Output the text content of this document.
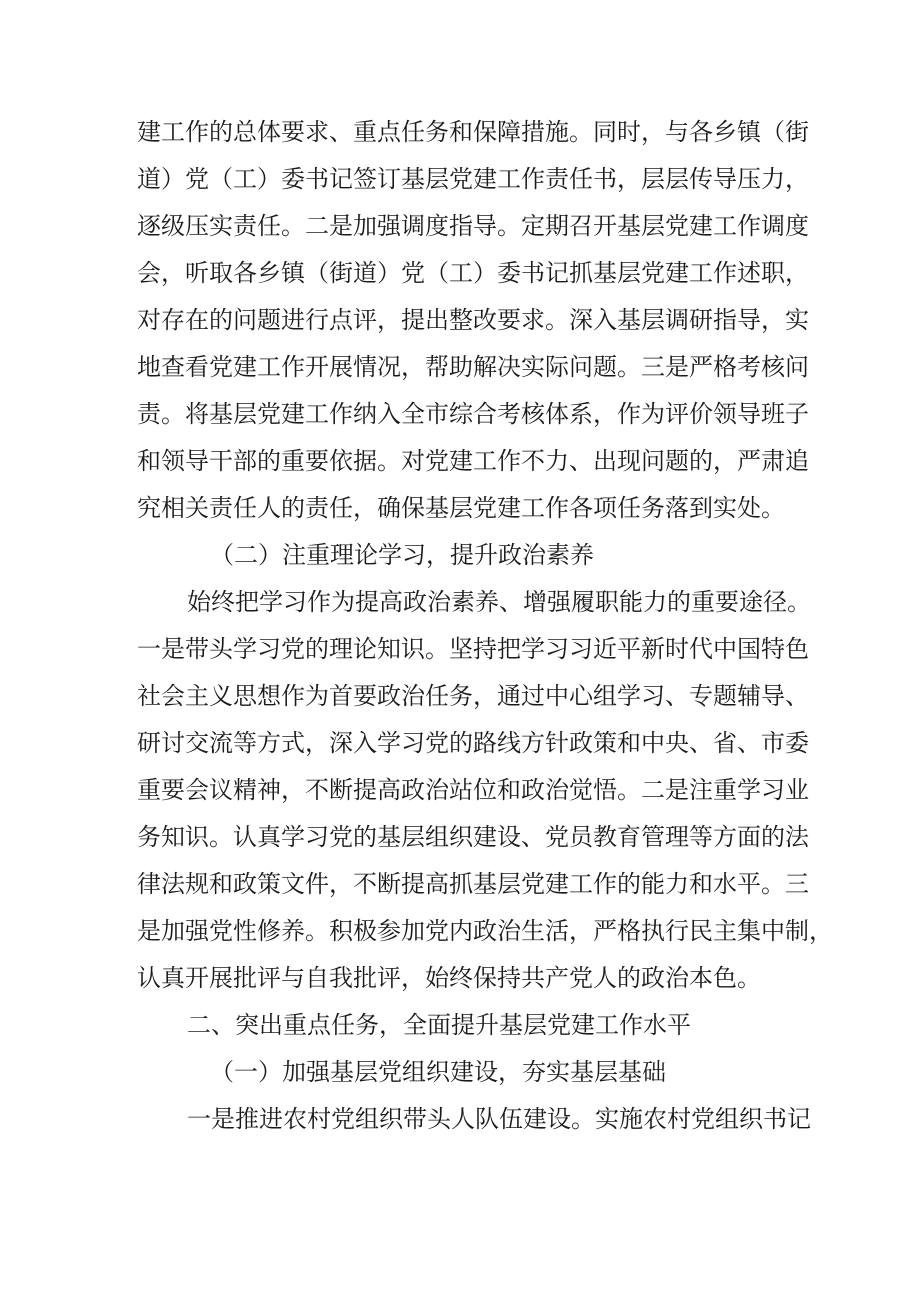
建工作的总体要求、重点任务和保障措施。同时，与各乡镇（街
道）党（工）委书记签订基层党建工作责任书，层层传导压力，
逐级压实责任。二是加强调度指导。定期召开基层党建工作调度
会，听取各乡镇（街道）党（工）委书记抓基层党建工作述职，
对存在的问题进行点评，提出整改要求。深入基层调研指导，实
地查看党建工作开展情况，帮助解决实际问题。三是严格考核问
责。将基层党建工作纳入全市综合考核体系，作为评价领导班子
和领导干部的重要依据。对党建工作不力、出现问题的，严肃追
究相关责任人的责任，确保基层党建工作各项任务落到实处。
（二）注重理论学习，提升政治素养
始终把学习作为提高政治素养、增强履职能力的重要途径。
一是带头学习党的理论知识。坚持把学习习近平新时代中国特色
社会主义思想作为首要政治任务，通过中心组学习、专题辅导、
研讨交流等方式，深入学习党的路线方针政策和中央、省、市委
重要会议精神，不断提高政治站位和政治觉悟。二是注重学习业
务知识。认真学习党的基层组织建设、党员教育管理等方面的法
律法规和政策文件，不断提高抓基层党建工作的能力和水平。三
是加强党性修养。积极参加党内政治生活，严格执行民主集中制，
认真开展批评与自我批评，始终保持共产党人的政治本色。
二、突出重点任务，全面提升基层党建工作水平
（一）加强基层党组织建设，夯实基层基础
一是推进农村党组织带头人队伍建设。实施农村党组织书记
